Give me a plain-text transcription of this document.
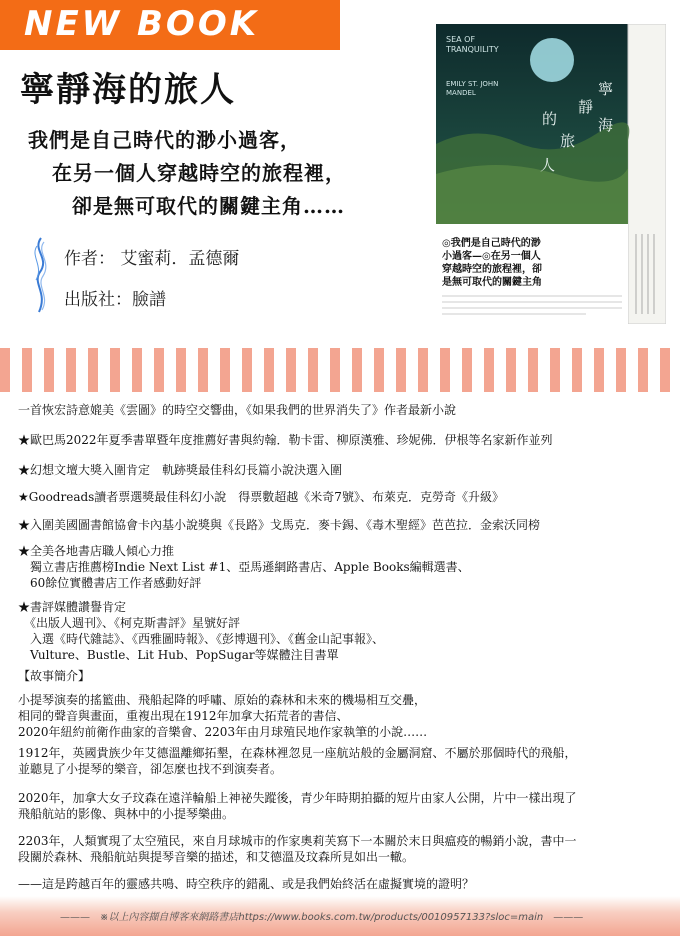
NEW BOOK
寧靜海的旅人
我們是自己時代的渺小過客，
在另一個人穿越時空的旅程裡，
卻是無可取代的關鍵主角……
作者： 艾蜜莉．孟德爾
出版社：臉譜
SEA OF
TRANQUILITY
EMILY ST. JOHN
MANDEL	寧
靜
海
的
旅
人
◎我們是自己時代的渺
小過客—◎在另一個人
穿越時空的旅程裡，卻
是無可取代的關鍵主角
一首恢宏詩意媲美《雲圖》的時空交響曲，《如果我們的世界消失了》作者最新小說
★歐巴馬2022年夏季書單暨年度推薦好書與約翰．勒卡雷、柳原漢雅、珍妮佛．伊根等名家新作並列
★幻想文壇大獎入圍肯定　軌跡獎最佳科幻長篇小說決選入圍
★Goodreads讀者票選獎最佳科幻小說　得票數超越《米奇7號》、布萊克．克勞奇《升級》
★入圍美國圖書館協會卡內基小說獎與《長路》戈馬克．麥卡錫、《毒木聖經》芭芭拉．金索沃同榜
★全美各地書店職人傾心力推
　獨立書店推薦榜Indie Next List #1、亞馬遜網路書店、Apple Books編輯選書、
　60餘位實體書店工作者感動好評
★書評媒體讚譽肯定
　《出版人週刊》、《柯克斯書評》星號好評
　入選《時代雜誌》、《西雅圖時報》、《彭博週刊》、《舊金山記事報》、
　Vulture、Bustle、Lit Hub、PopSugar等媒體注目書單
【故事簡介】
小提琴演奏的搖籃曲、飛船起降的呼嘯、原始的森林和未來的機場相互交疊，
相同的聲音與畫面，重複出現在1912年加拿大拓荒者的書信、
2020年紐約前衛作曲家的音樂會、2203年由月球殖民地作家執筆的小說……
1912年，英國貴族少年艾德溫離鄉拓墾，在森林裡忽見一座航站般的金屬洞窟、不屬於那個時代的飛船，
並聽見了小提琴的樂音，卻怎麼也找不到演奏者。
2020年，加拿大女子玟森在遠洋輪船上神祕失蹤後，青少年時期拍攝的短片由家人公開，片中一樣出現了
飛船航站的影像、與林中的小提琴樂曲。
2203年，人類實現了太空殖民，來自月球城市的作家奧莉芙寫下一本關於末日與瘟疫的暢銷小說，書中一
段關於森林、飛船航站與提琴音樂的描述，和艾德溫及玟森所見如出一轍。
——這是跨越百年的靈感共鳴、時空秩序的錯亂、或是我們始終活在虛擬實境的證明？
———　※以上內容擷自博客來網路書店https://www.books.com.tw/products/0010957133?sloc=main　———
